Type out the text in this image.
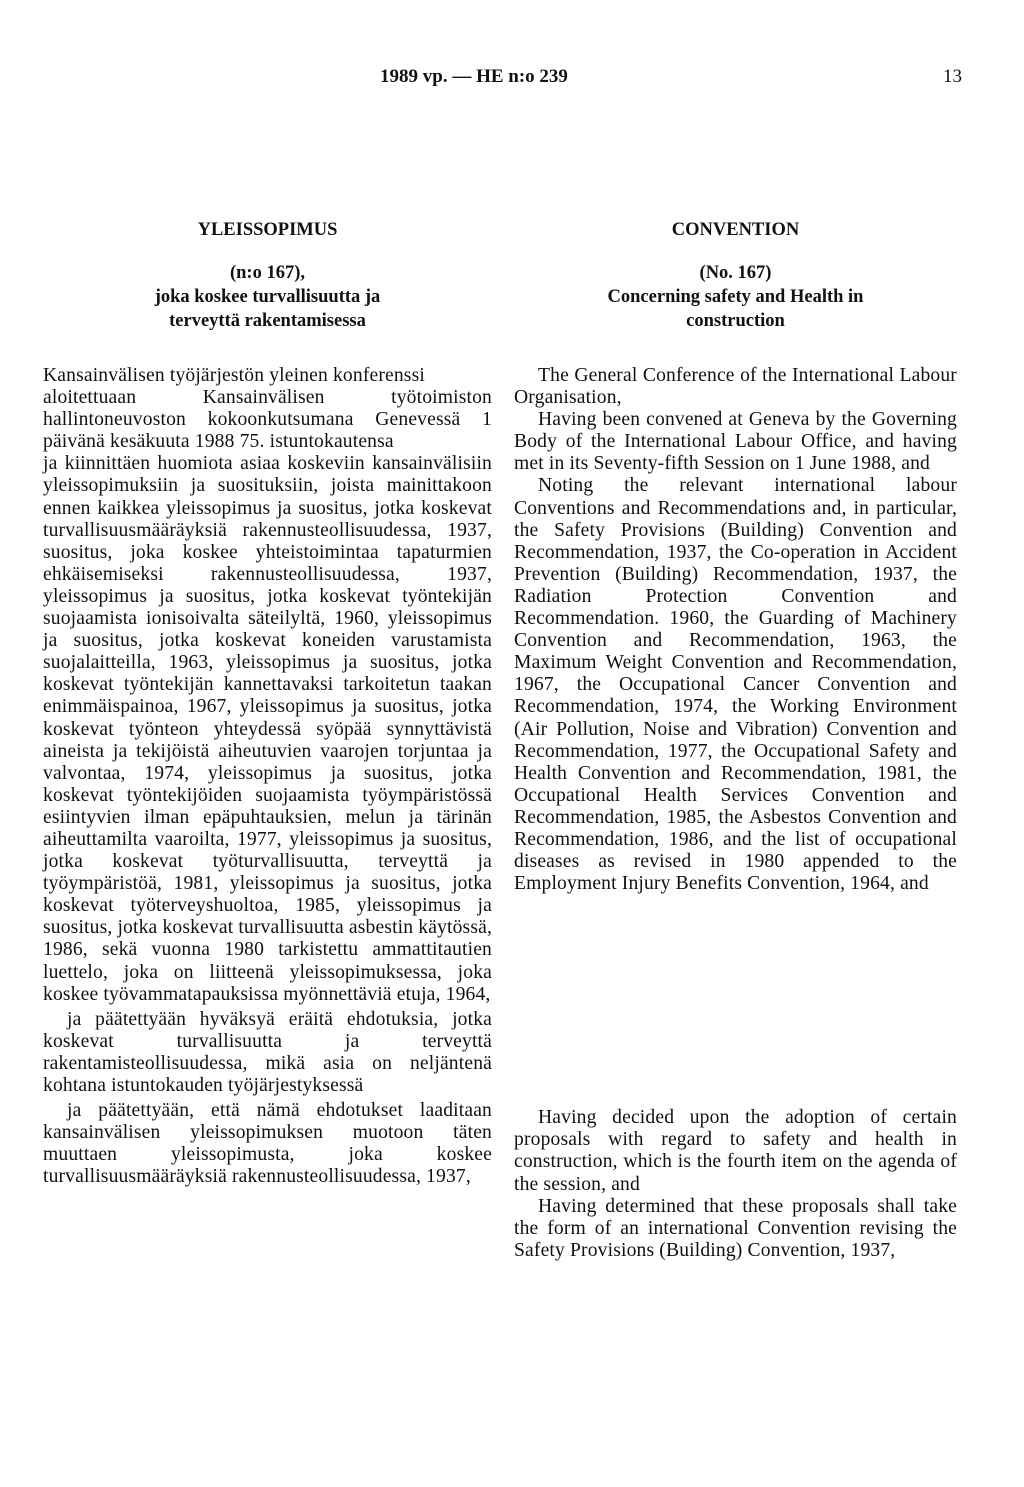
1989 vp. — HE n:o 239	13
YLEISSOPIMUS
(n:o 167),
joka koskee turvallisuutta ja
terveyttä rakentamisessa

Kansainvälisen työjärjestön yleinen konferenssi

aloitettuaan Kansainvälisen työtoimiston hallintoneuvoston kokoonkutsumana Genevessä 1 päivänä kesäkuuta 1988 75. istuntokautensa

ja kiinnittäen huomiota asiaa koskeviin kansainvälisiin yleissopimuksiin ja suosituksiin, joista mainittakoon ennen kaikkea yleissopimus ja suositus, jotka koskevat turvallisuusmääräyksiä rakennusteollisuudessa, 1937, suositus, joka koskee yhteistoimintaa tapaturmien ehkäisemiseksi rakennusteollisuudessa, 1937, yleissopimus ja suositus, jotka koskevat työntekijän suojaamista ionisoivalta säteilyltä, 1960, yleissopimus ja suositus, jotka koskevat koneiden varustamista suojalaitteilla, 1963, yleissopimus ja suositus, jotka koskevat työntekijän kannettavaksi tarkoitetun taakan enimmäispainoa, 1967, yleissopimus ja suositus, jotka koskevat työnteon yhteydessä syöpää synnyttävistä aineista ja tekijöistä aiheutuvien vaarojen torjuntaa ja valvontaa, 1974, yleissopimus ja suositus, jotka koskevat työntekijöiden suojaamista työympäristössä esiintyvien ilman epäpuhtauksien, melun ja tärinän aiheuttamilta vaaroilta, 1977, yleissopimus ja suositus, jotka koskevat työturvallisuutta, terveyttä ja työympäristöä, 1981, yleissopimus ja suositus, jotka koskevat työterveyshuoltoa, 1985, yleissopimus ja suositus, jotka koskevat turvallisuutta asbestin käytössä, 1986, sekä vuonna 1980 tarkistettu ammattitautien luettelo, joka on liitteenä yleissopimuksessa, joka koskee työvammatapauksissa myönnettäviä etuja, 1964,

ja päätettyään hyväksyä eräitä ehdotuksia, jotka koskevat turvallisuutta ja terveyttä rakentamisteollisuudessa, mikä asia on neljäntenä kohtana istuntokauden työjärjestyksessä

ja päätettyään, että nämä ehdotukset laaditaan kansainvälisen yleissopimuksen muotoon täten muuttaen yleissopimusta, joka koskee turvallisuusmääräyksiä rakennusteollisuudessa, 1937,

CONVENTION
(No. 167)
Concerning safety and Health in
construction

The General Conference of the International Labour Organisation,

Having been convened at Geneva by the Governing Body of the International Labour Office, and having met in its Seventy-fifth Session on 1 June 1988, and

Noting the relevant international labour Conventions and Recommendations and, in particular, the Safety Provisions (Building) Convention and Recommendation, 1937, the Co-operation in Accident Prevention (Building) Recommendation, 1937, the Radiation Protection Convention and Recommendation. 1960, the Guarding of Machinery Convention and Recommendation, 1963, the Maximum Weight Convention and Recommendation, 1967, the Occupational Cancer Convention and Recommendation, 1974, the Working Environment (Air Pollution, Noise and Vibration) Convention and Recommendation, 1977, the Occupational Safety and Health Convention and Recommendation, 1981, the Occupational Health Services Convention and Recommendation, 1985, the Asbestos Convention and Recommendation, 1986, and the list of occupational diseases as revised in 1980 appended to the Employment Injury Benefits Convention, 1964, and

Having decided upon the adoption of certain proposals with regard to safety and health in construction, which is the fourth item on the agenda of the session, and

Having determined that these proposals shall take the form of an international Convention revising the Safety Provisions (Building) Convention, 1937,
